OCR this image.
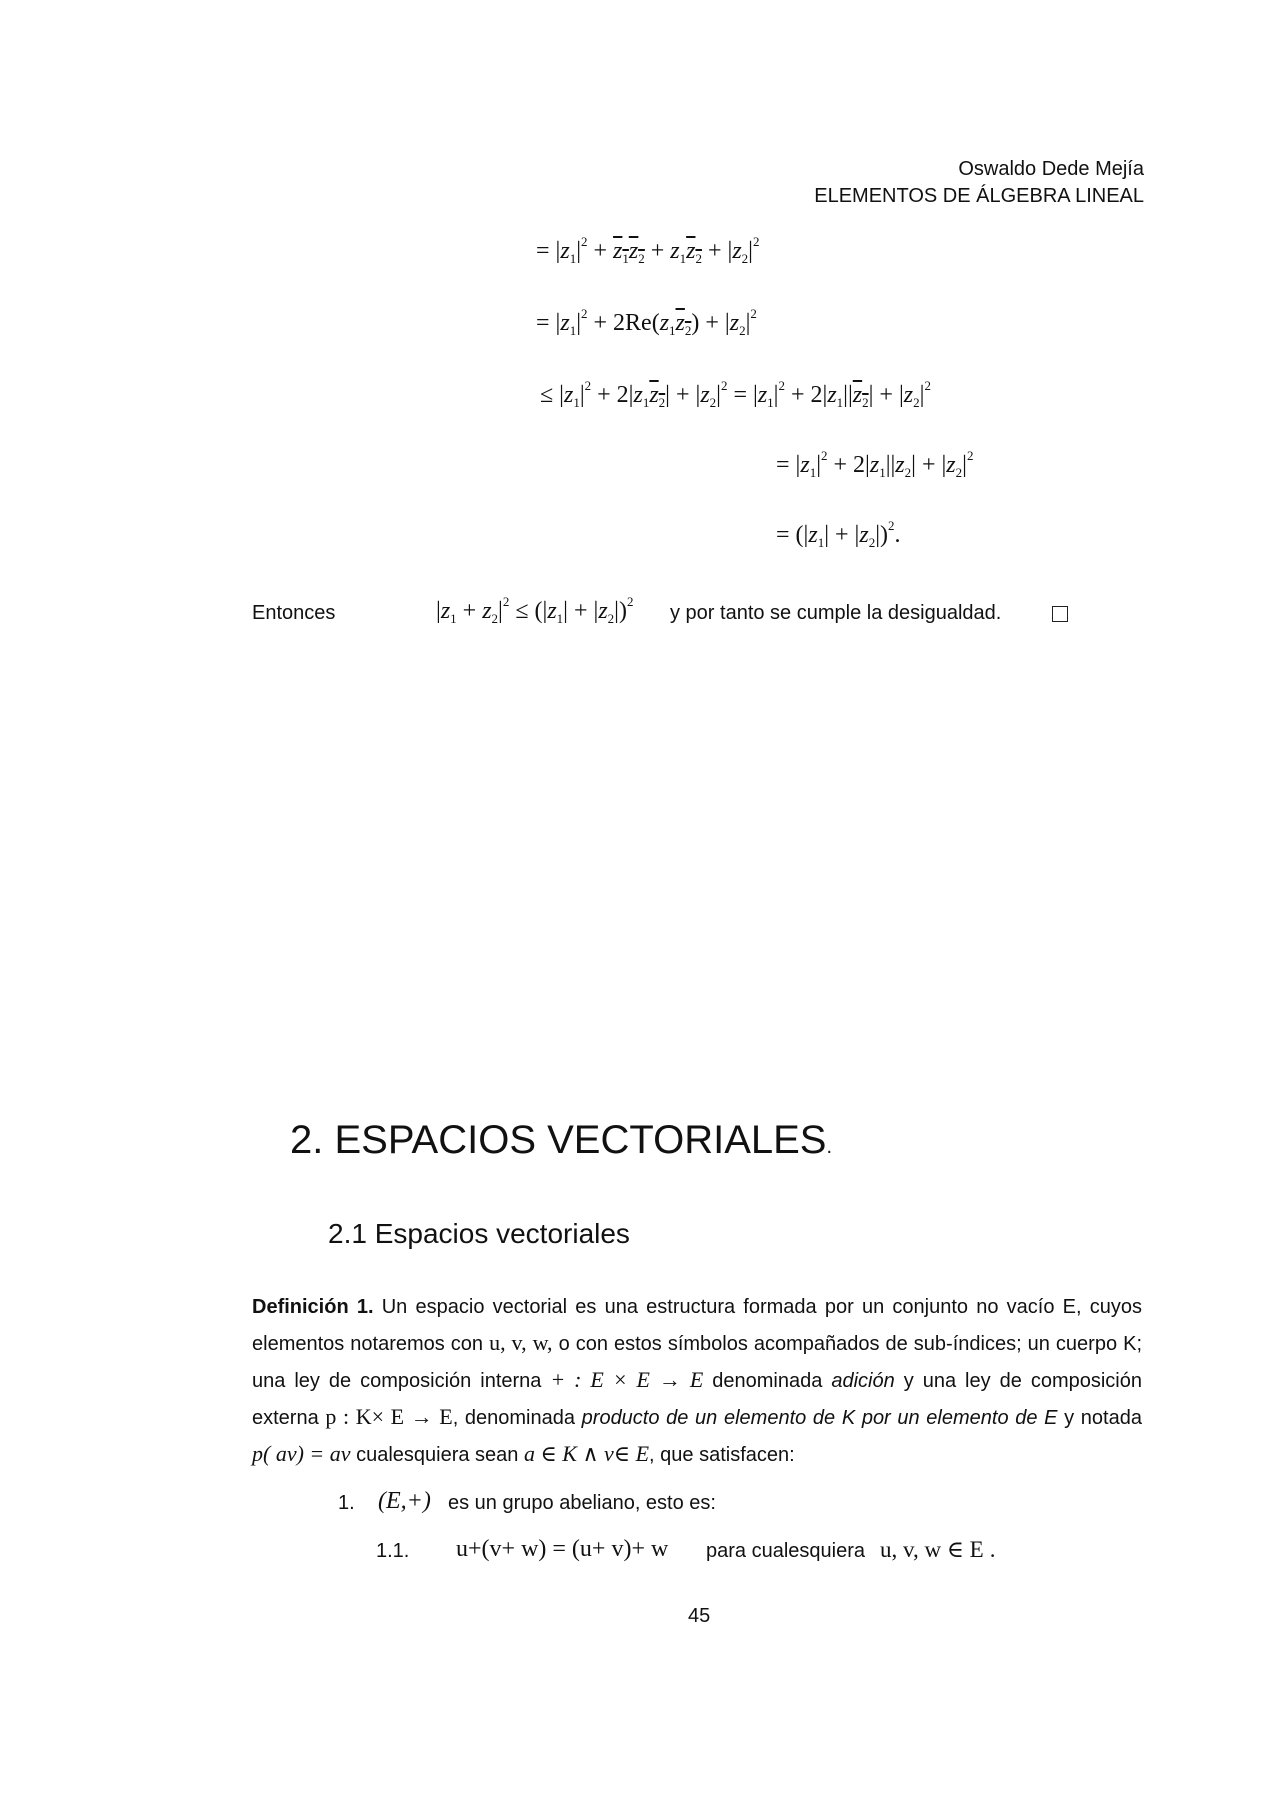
Oswaldo Dede Mejía
ELEMENTOS DE ÁLGEBRA LINEAL
= $|z_1|^2 + z_1z_2 + z_1z_2 + |z_2|^2$
= $|z_1|^2 + 2Re(z_1z_2) + |z_2|^2$
≤ $|z_1|^2 + 2|z_1z_2| + |z_2|^2 = |z_1|^2 + 2|z_1||z_2| + |z_2|^2$
= $|z_1|^2 + 2|z_1||z_2| + |z_2|^2$
= $(|z_1| + |z_2|)^2$.
Entonces	$|z_1 + z_2|^2 \le (|z_1| + |z_2|)^2$
y por tanto se cumple la desigualdad.
2. ESPACIOS VECTORIALES.
2.1 Espacios vectoriales
Definición 1. Un espacio vectorial es una estructura formada por un conjunto no vacío E, cuyos elementos notaremos con u, v, w, o con estos símbolos acompañados de sub-índices; un cuerpo K; una ley de composición interna + : E × E → E denominada adición y una ley de composición externa p : K× E → E, denominada producto de un elemento de K por un elemento de E y notada p( av) = av cualesquiera sean a ∈ K ∧ v∈ E, que satisfacen:
1. (E,+) es un grupo abeliano, esto es:
1.1. u+(v+ w) = (u+ v)+ w para cualesquiera u, v, w ∈ E .
45
